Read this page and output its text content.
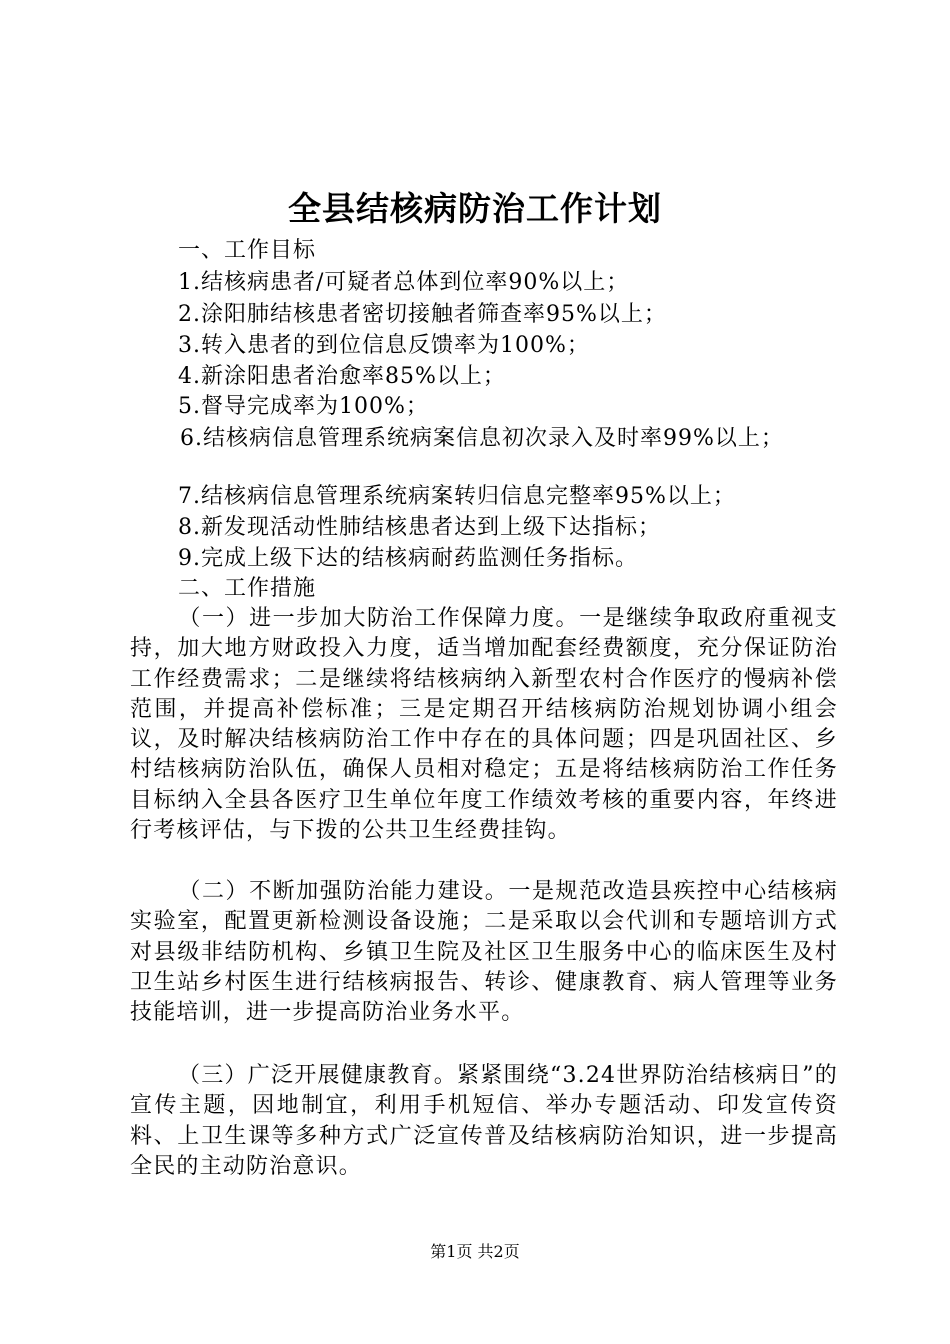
全县结核病防治工作计划
一、工作目标
1.结核病患者/可疑者总体到位率90%以上；
2.涂阳肺结核患者密切接触者筛查率95%以上；
3.转入患者的到位信息反馈率为100%；
4.新涂阳患者治愈率85%以上；
5.督导完成率为100%；
6.结核病信息管理系统病案信息初次录入及时率99%以上；
7.结核病信息管理系统病案转归信息完整率95%以上；
8.新发现活动性肺结核患者达到上级下达指标；
9.完成上级下达的结核病耐药监测任务指标。
二、工作措施
（一）进一步加大防治工作保障力度。一是继续争取政府重视支持，加大地方财政投入力度，适当增加配套经费额度，充分保证防治工作经费需求；二是继续将结核病纳入新型农村合作医疗的慢病补偿范围，并提高补偿标准；三是定期召开结核病防治规划协调小组会议，及时解决结核病防治工作中存在的具体问题；四是巩固社区、乡村结核病防治队伍，确保人员相对稳定；五是将结核病防治工作任务目标纳入全县各医疗卫生单位年度工作绩效考核的重要内容，年终进行考核评估，与下拨的公共卫生经费挂钩。
（二）不断加强防治能力建设。一是规范改造县疾控中心结核病实验室，配置更新检测设备设施；二是采取以会代训和专题培训方式对县级非结防机构、乡镇卫生院及社区卫生服务中心的临床医生及村卫生站乡村医生进行结核病报告、转诊、健康教育、病人管理等业务技能培训，进一步提高防治业务水平。
（三）广泛开展健康教育。紧紧围绕“3.24世界防治结核病日”的宣传主题，因地制宜，利用手机短信、举办专题活动、印发宣传资料、上卫生课等多种方式广泛宣传普及结核病防治知识，进一步提高全民的主动防治意识。
第1页 共2页
